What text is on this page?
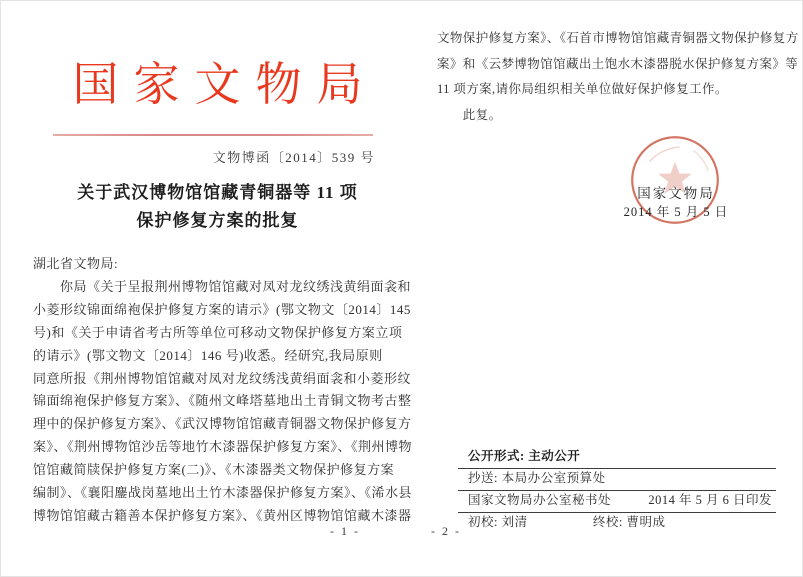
国家文物局
文物博函〔2014〕539 号
关于武汉博物馆馆藏青铜器等 11 项
保护修复方案的批复
湖北省文物局:
　　你局《关于呈报荆州博物馆馆藏对凤对龙纹绣浅黄绢面衾和
小菱形纹锦面绵袍保护修复方案的请示》(鄂文物文〔2014〕145
号)和《关于申请省考古所等单位可移动文物保护修复方案立项
的请示》(鄂文物文〔2014〕146 号)收悉。经研究,我局原则
同意所报《荆州博物馆馆藏对凤对龙纹绣浅黄绢面衾和小菱形纹
锦面绵袍保护修复方案》、《随州文峰塔墓地出土青铜文物考古整
理中的保护修复方案》、《武汉博物馆馆藏青铜器文物保护修复方
案》、《荆州博物馆沙岳等地竹木漆器保护修复方案》、《荆州博物
馆馆藏简牍保护修复方案(二)》、《木漆器类文物保护修复方案
编制》、《襄阳鏖战岗墓地出土竹木漆器保护修复方案》、《浠水县
博物馆馆藏古籍善本保护修复方案》、《黄州区博物馆馆藏木漆器
- 1 -
文物保护修复方案》、《石首市博物馆馆藏青铜器文物保护修复方
案》和《云梦博物馆馆藏出土饱水木漆器脱水保护修复方案》等
11 项方案,请你局组织相关单位做好保护修复工作。
　　此复。
国家文物局
2014 年 5 月 5 日
公开形式: 主动公开
抄送: 本局办公室预算处
国家文物局办公室秘书处	2014 年 5 月 6 日印发
初校: 刘清	终校: 曹明成
- 2 -
